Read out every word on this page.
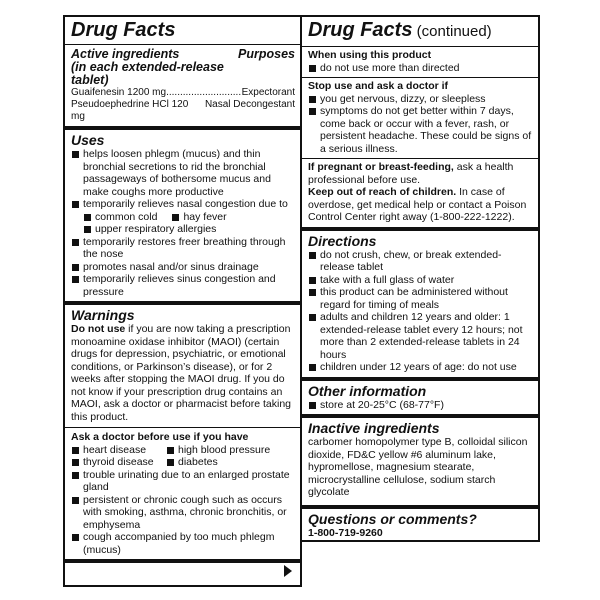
Drug Facts
Active ingredients	Purposes
(in each extended-release
tablet)
Guaifenesin 1200 mg
.....	Expectorant
Pseudoephedrine HCl 120 mg
Nasal Decongestant
Uses
helps loosen phlegm (mucus) and thin bronchial secretions to rid the bronchial passageways of bothersome mucus and make coughs more productive
temporarily relieves nasal congestion due to
common cold	hay fever
upper respiratory allergies
temporarily restores freer breathing through the nose
promotes nasal and/or sinus drainage
temporarily relieves sinus congestion and pressure
Warnings
Do not use if you are now taking a prescription monoamine oxidase inhibitor (MAOI) (certain drugs for depression, psychiatric, or emotional conditions, or Parkinson’s disease), or for 2 weeks after stopping the MAOI drug. If you do not know if your prescription drug contains an MAOI, ask a doctor or pharmacist before taking this product.
Ask a doctor before use if you have
heart disease	high blood pressure
thyroid disease	diabetes
trouble urinating due to an enlarged prostate gland
persistent or chronic cough such as occurs with smoking, asthma, chronic bronchitis, or emphysema
cough accompanied by too much phlegm (mucus)
Drug Facts (continued)
When using this product
do not use more than directed
Stop use and ask a doctor if
you get nervous, dizzy, or sleepless
symptoms do not get better within 7 days, come back or occur with a fever, rash, or persistent headache. These could be signs of a serious illness.
If pregnant or breast-feeding, ask a health professional before use.
Keep out of reach of children. In case of overdose, get medical help or contact a Poison Control Center right away (1-800-222-1222).
Directions
do not crush, chew, or break extended-release tablet
take with a full glass of water
this product can be administered without regard for timing of meals
adults and children 12 years and older: 1 extended-release tablet every 12 hours; not more than 2 extended-release tablets in 24 hours
children under 12 years of age: do not use
Other information
store at 20-25°C (68-77°F)
Inactive ingredients
carbomer homopolymer type B, colloidal silicon dioxide, FD&C yellow #6 aluminum lake, hypromellose, magnesium stearate, microcrystalline cellulose, sodium starch glycolate
Questions or comments?
1-800-719-9260
